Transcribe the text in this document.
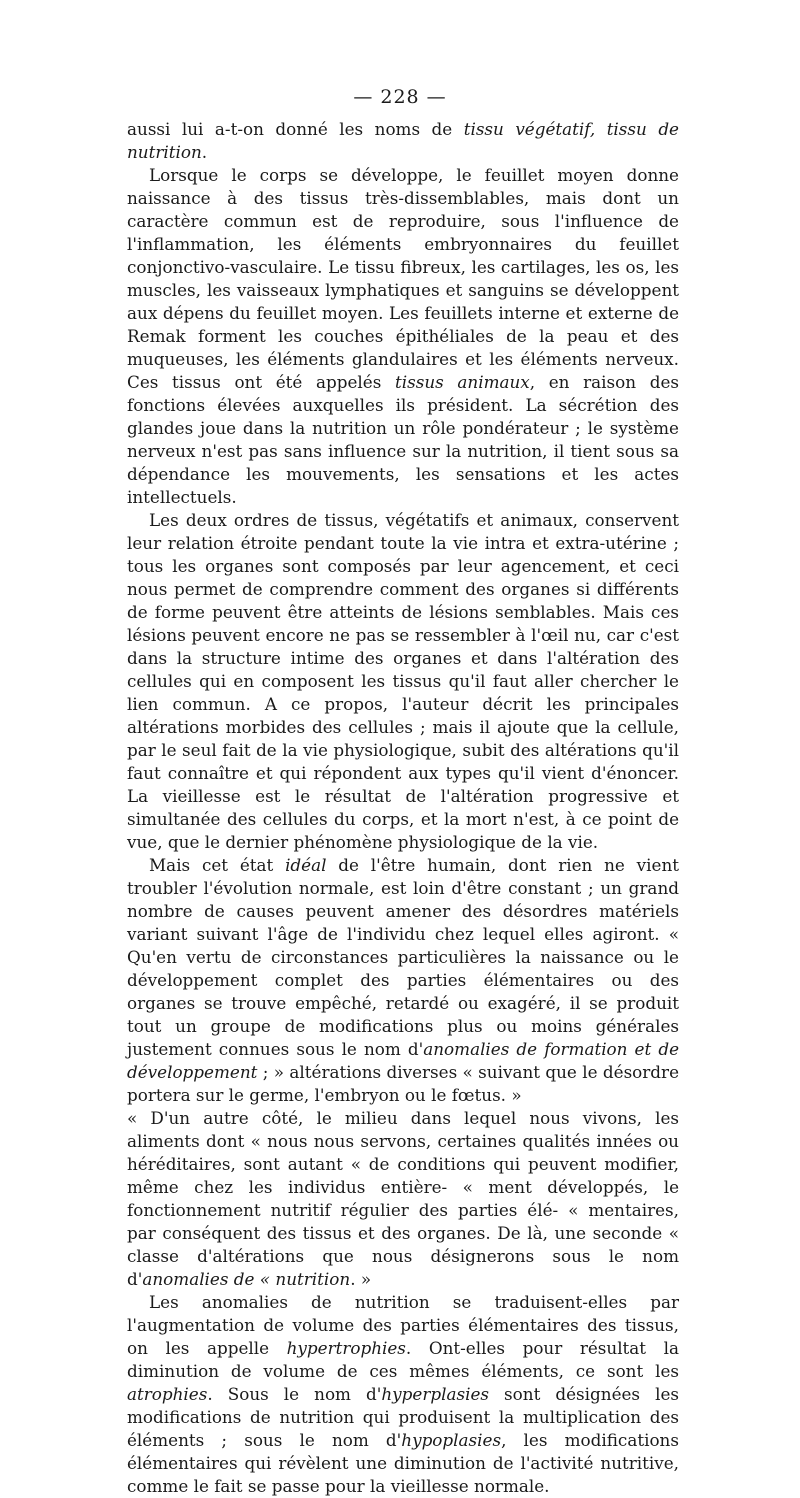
— 228 —

aussi lui a-t-on donné les noms de tissu végétatif, tissu de nutrition.

Lorsque le corps se développe, le feuillet moyen donne naissance à des tissus très-dissemblables, mais dont un caractère commun est de reproduire, sous l'influence de l'inflammation, les éléments embryonnaires du feuillet conjonctivo-vasculaire. Le tissu fibreux, les cartilages, les os, les muscles, les vaisseaux lymphatiques et sanguins se développent aux dépens du feuillet moyen. Les feuillets interne et externe de Remak forment les couches épithéliales de la peau et des muqueuses, les éléments glandulaires et les éléments nerveux. Ces tissus ont été appelés tissus animaux, en raison des fonctions élevées auxquelles ils président. La sécrétion des glandes joue dans la nutrition un rôle pondérateur ; le système nerveux n'est pas sans influence sur la nutrition, il tient sous sa dépendance les mouvements, les sensations et les actes intellectuels.

Les deux ordres de tissus, végétatifs et animaux, conservent leur relation étroite pendant toute la vie intra et extra-utérine ; tous les organes sont composés par leur agencement, et ceci nous permet de comprendre comment des organes si différents de forme peuvent être atteints de lésions semblables. Mais ces lésions peuvent encore ne pas se ressembler à l'œil nu, car c'est dans la structure intime des organes et dans l'altération des cellules qui en composent les tissus qu'il faut aller chercher le lien commun. A ce propos, l'auteur décrit les principales altérations morbides des cellules ; mais il ajoute que la cellule, par le seul fait de la vie physiologique, subit des altérations qu'il faut connaître et qui répondent aux types qu'il vient d'énoncer. La vieillesse est le résultat de l'altération progressive et simultanée des cellules du corps, et la mort n'est, à ce point de vue, que le dernier phénomène physiologique de la vie.

Mais cet état idéal de l'être humain, dont rien ne vient troubler l'évolution normale, est loin d'être constant ; un grand nombre de causes peuvent amener des désordres matériels variant suivant l'âge de l'individu chez lequel elles agiront. « Qu'en vertu de circonstances particulières la naissance ou le développement complet des parties élémentaires ou des organes se trouve empêché, retardé ou exagéré, il se produit tout un groupe de modifications plus ou moins générales justement connues sous le nom d'anomalies de formation et de développement ; » altérations diverses « suivant que le désordre portera sur le germe, l'embryon ou le fœtus. »

« D'un autre côté, le milieu dans lequel nous vivons, les aliments dont « nous nous servons, certaines qualités innées ou héréditaires, sont autant « de conditions qui peuvent modifier, même chez les individus entière- « ment développés, le fonctionnement nutritif régulier des parties élé- « mentaires, par conséquent des tissus et des organes. De là, une seconde « classe d'altérations que nous désignerons sous le nom d'anomalies de « nutrition. »

Les anomalies de nutrition se traduisent-elles par l'augmentation de volume des parties élémentaires des tissus, on les appelle hypertrophies. Ont-elles pour résultat la diminution de volume de ces mêmes éléments, ce sont les atrophies. Sous le nom d'hyperplasies sont désignées les modifications de nutrition qui produisent la multiplication des éléments ; sous le nom d'hypoplasies, les modifications élémentaires qui révèlent une diminution de l'activité nutritive, comme le fait se passe pour la vieillesse normale.
